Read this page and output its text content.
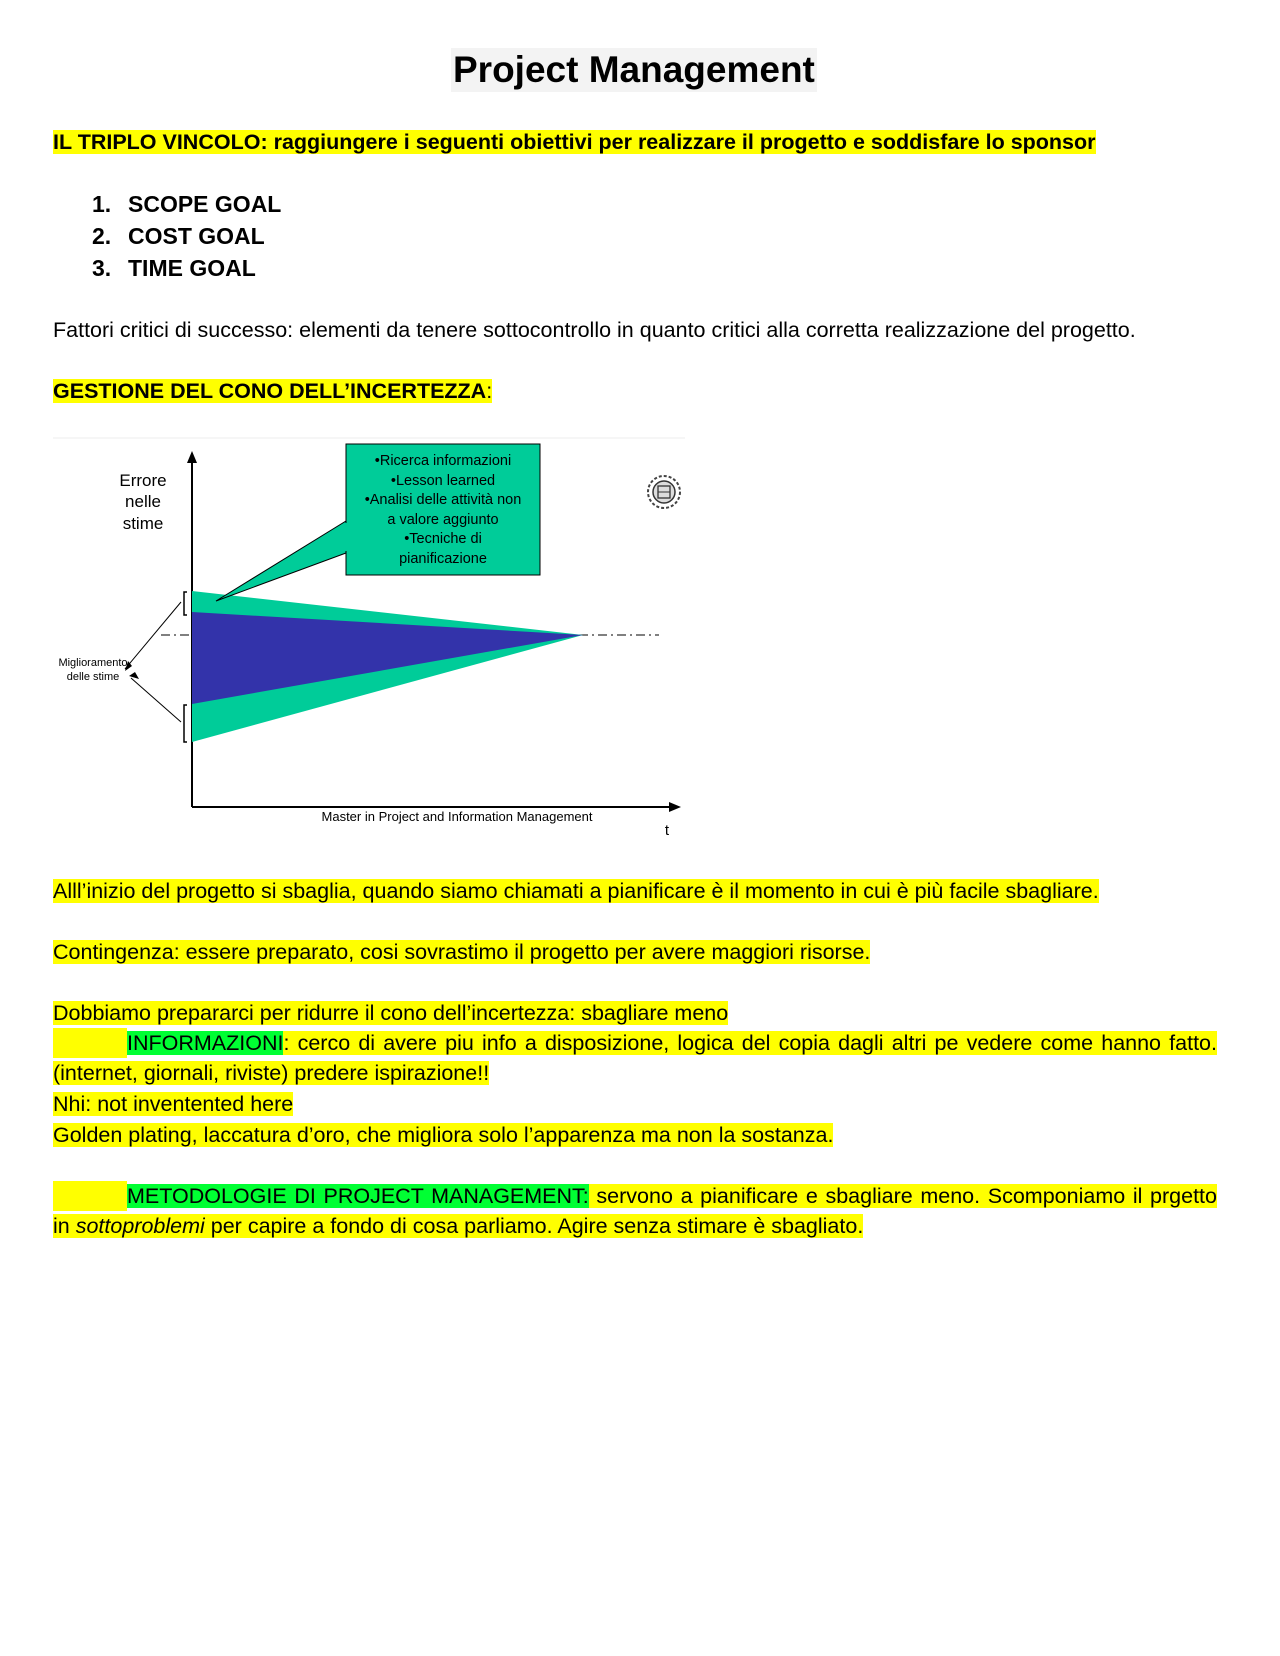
Project Management
IL TRIPLO VINCOLO: raggiungere i seguenti obiettivi per realizzare il progetto e soddisfare lo sponsor
1. SCOPE GOAL
2. COST GOAL
3. TIME GOAL
Fattori critici di successo: elementi da tenere sottocontrollo in quanto critici alla corretta realizzazione del progetto.
GESTIONE DEL CONO DELL’INCERTEZZA:
•Ricerca informazioni
•Lesson learned
•Analisi delle attività non
a valore aggiunto
•Tecniche di
pianificazione
Errore
nelle
stime
Miglioramento
delle stime
Master in Project and Information Management
t
Alll’inizio del progetto si sbaglia, quando siamo chiamati a pianificare è il momento in cui è più facile sbagliare.
Contingenza: essere preparato, cosi sovrastimo il progetto per avere maggiori risorse.
Dobbiamo prepararci per ridurre il cono dell’incertezza: sbagliare meno
INFORMAZIONI: cerco di avere piu info a disposizione, logica del copia dagli altri pe vedere come hanno fatto. (internet, giornali, riviste) predere ispirazione!!
Nhi: not inventented here
Golden plating, laccatura d’oro, che migliora solo l’apparenza ma non la sostanza.
METODOLOGIE DI PROJECT MANAGEMENT: servono a pianificare e sbagliare meno. Scomponiamo il prgetto in sottoproblemi per capire a fondo di cosa parliamo. Agire senza stimare è sbagliato.
